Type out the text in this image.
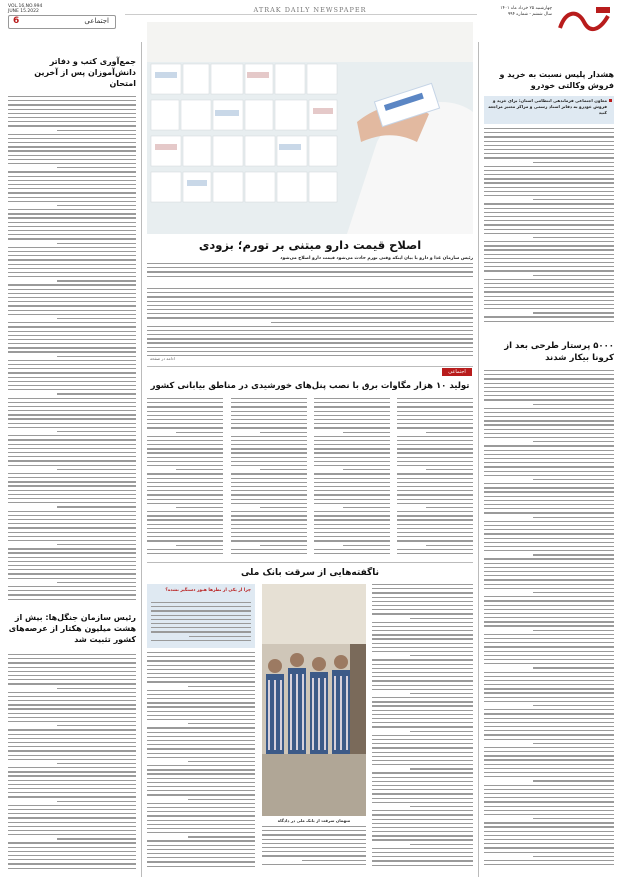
6	اجتماعی
VOL.16,NO.994
JUNE 15.2022	ATRAK DAILY NEWSPAPER	چهارشنبه ۲۵ خرداد ماه ۱۴۰۱
سال ششم - شماره ۹۹۴
هشدار پلیس نسبت به خرید و فروش وکالتی خودرو
معاون اجتماعی فرماندهی انتظامی استان: برای خرید و فروش خودرو به دفاتر اسناد رسمی و مراکز معتبر مراجعه کنید
۵۰۰۰ پرستار طرحی بعد از کرونا بیکار شدند
جمع‌آوری کتب و دفاتر دانش‌آموزان پس از آخرین امتحان
رئیس سازمان جنگل‌ها: بیش از هشت میلیون هکتار از عرصه‌های کشور تثبیت شد
اصلاح قیمت دارو مبتنی بر تورم؛ بزودی
رئیس سازمان غذا و دارو با بیان اینکه وقتی تورم حادث می‌شود قیمت دارو اصلاح می‌شود
ادامه در صفحه
اجتماعی
تولید ۱۰ هزار مگاوات برق با نصب پنل‌های خورشیدی در مناطق بیابانی کشور
ناگفته‌هایی از سرقت بانک ملی
چرا از یکی از نظرها هنوز دستگیر نشده؟
متهمان سرقت از بانک ملی در دادگاه
